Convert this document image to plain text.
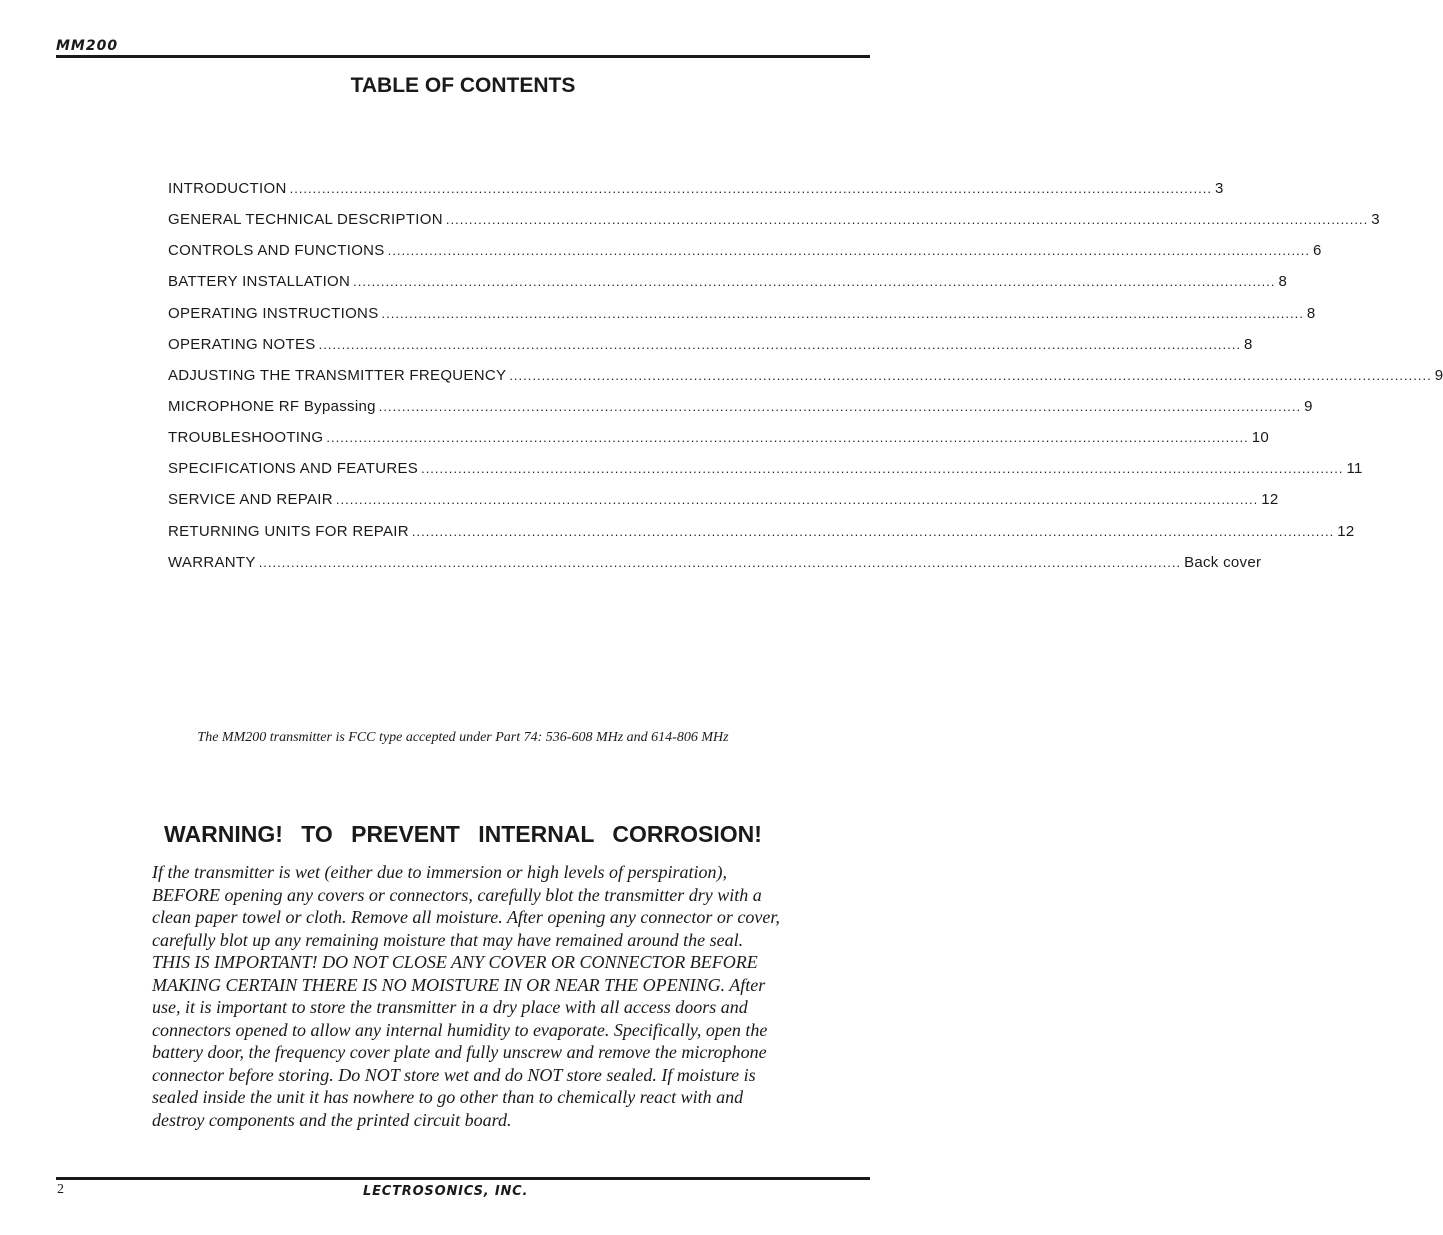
MM200
TABLE OF CONTENTS
INTRODUCTION ........................................................................................................................................................................................................ 3
GENERAL TECHNICAL DESCRIPTION ........................................................................................................................................................................................................ 3
CONTROLS AND FUNCTIONS ........................................................................................................................................................................................................ 6
BATTERY INSTALLATION ........................................................................................................................................................................................................ 8
OPERATING INSTRUCTIONS ........................................................................................................................................................................................................ 8
OPERATING NOTES ........................................................................................................................................................................................................ 8
ADJUSTING THE TRANSMITTER FREQUENCY ........................................................................................................................................................................................................ 9
MICROPHONE RF Bypassing ........................................................................................................................................................................................................ 9
TROUBLESHOOTING ........................................................................................................................................................................................................ 10
SPECIFICATIONS AND FEATURES ........................................................................................................................................................................................................ 11
SERVICE AND REPAIR ........................................................................................................................................................................................................ 12
RETURNING UNITS FOR REPAIR ........................................................................................................................................................................................................ 12
WARRANTY ........................................................................................................................................................................................................ Back cover
The MM200 transmitter is FCC type accepted under Part 74: 536-608 MHz and 614-806 MHz
WARNING! TO PREVENT INTERNAL CORROSION!

If the transmitter is wet (either due to immersion or high levels of perspiration), BEFORE opening any covers or connectors, carefully blot the transmitter dry with a clean paper towel or cloth. Remove all moisture. After opening any connector or cover, carefully blot up any remaining moisture that may have remained around the seal. THIS IS IMPORTANT! DO NOT CLOSE ANY COVER OR CONNECTOR BEFORE MAKING CERTAIN THERE IS NO MOISTURE IN OR NEAR THE OPENING. After use, it is important to store the transmitter in a dry place with all access doors and connectors opened to allow any internal humidity to evaporate. Specifically, open the battery door, the frequency cover plate and fully unscrew and remove the microphone connector before storing. Do NOT store wet and do NOT store sealed. If moisture is sealed inside the unit it has nowhere to go other than to chemically react with and destroy components and the printed circuit board.

2	LECTROSONICS, INC.
